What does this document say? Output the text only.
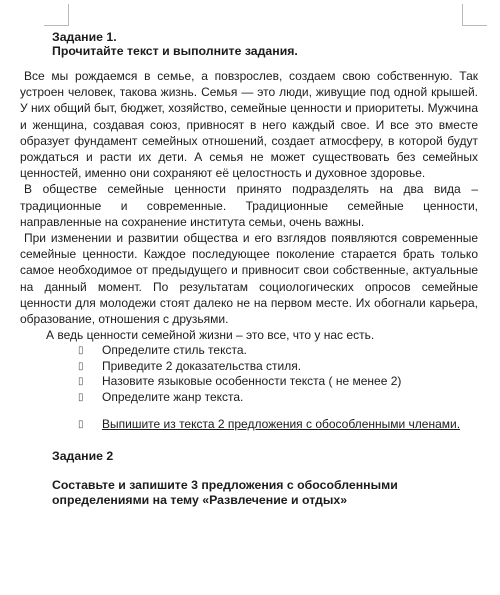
Задание 1.
Прочитайте текст и выполните задания.

Все мы рождаемся в семье, а повзрослев, создаем свою собственную. Так устроен человек, такова жизнь. Семья — это люди, живущие под одной крышей. У них общий быт, бюджет, хозяйство, семейные ценности и приоритеты. Мужчина и женщина, создавая союз, привносят в него каждый свое. И все это вместе образует фундамент семейных отношений, создает атмосферу, в которой будут рождаться и расти их дети. А семья не может существовать без семейных ценностей, именно они сохраняют её целостность и духовное здоровье.

В обществе семейные ценности принято подразделять на два вида – традиционные и современные. Традиционные семейные ценности, направленные на сохранение института семьи, очень важны.

При изменении и развитии общества и его взглядов появляются современные семейные ценности. Каждое последующее поколение старается брать только самое необходимое от предыдущего и привносит свои собственные, актуальные на данный момент. По результатам социологических опросов семейные ценности для молодежи стоят далеко не на первом месте. Их обогнали карьера, образование, отношения с друзьями.

А ведь ценности семейной жизни – это все, что у нас есть.

▯ Определите стиль текста.
▯ Приведите 2 доказательства стиля.
▯ Назовите языковые особенности текста ( не менее 2)
▯ Определите жанр текста.
▯ Выпишите из текста 2 предложения с обособленными членами.
Задание 2
Составьте и запишите 3 предложения с обособленными определениями на тему «Развлечение и отдых»
